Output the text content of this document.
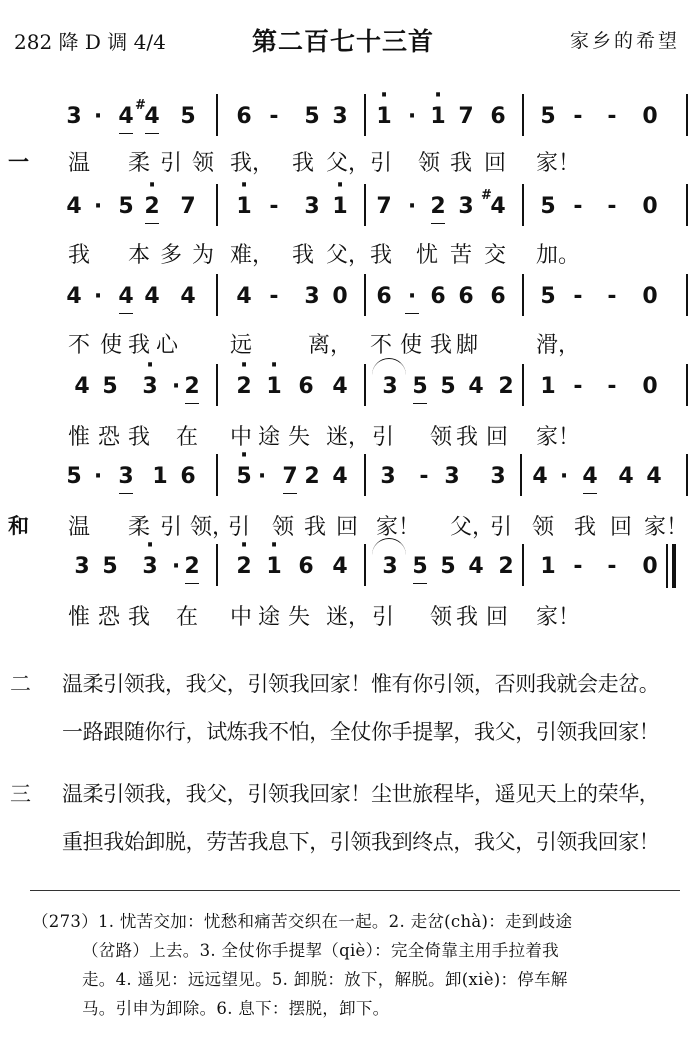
282 降 D 调 4/4	第二百七十三首	家乡的希望
3 · 4 # 4 5 6 -	5 3 · 1 · · 1 7 6 5 -	-	0
温 柔 引 领 我， 我 父， 引 领 我 回 家！
4 · 5 · 2 7 · 1 -	3 · 1 7 · 2 3 # 4 5 -	-	0
我 本 多 为 难， 我 父， 我 忧 苦 交 加。
4 · 4 4 4 4 -	3 0 6 · 6 6 6 5 -	-	0
不 使 我 心 远	离， 不 使 我 脚	滑，
4 5 · 3 · 2 · 2 · 1 6 4 3 5 5 4 2 1 -	-	0
惟 恐 我 在 中 途 失 迷， 引 领 我 回 家！
5 · 3 1 6 · 5 · 7 2 4 3	- 3 3 4 · 4 4 4
温 柔 引 领，
引 领 我 回 家！ 父，
引 领 我 回 家！
3 5 · 3 · 2 · 2 · 1 6 4 3 5 5 4 2 1 -	-	0
惟 恐 我 在 中 途 失 迷， 引 领 我 回 家！
一
和
二 温柔引领我，我父，引领我回家！惟有你引领，否则我就会走岔。
一路跟随你行，试炼我不怕，全仗你手提挈，我父，引领我回家！
三 温柔引领我，我父，引领我回家！尘世旅程毕，遥见天上的荣华，
重担我始卸脱，劳苦我息下，引领我到终点，我父，引领我回家！
（273）1. 忧苦交加：忧愁和痛苦交织在一起。2. 走岔(chà)：走到歧途
（岔路）上去。3. 全仗你手提挈（qiè）：完全倚靠主用手拉着我
走。4. 遥见：远远望见。5. 卸脱：放下，解脱。卸(xiè)：停车解
马。引申为卸除。6. 息下：摆脱，卸下。
